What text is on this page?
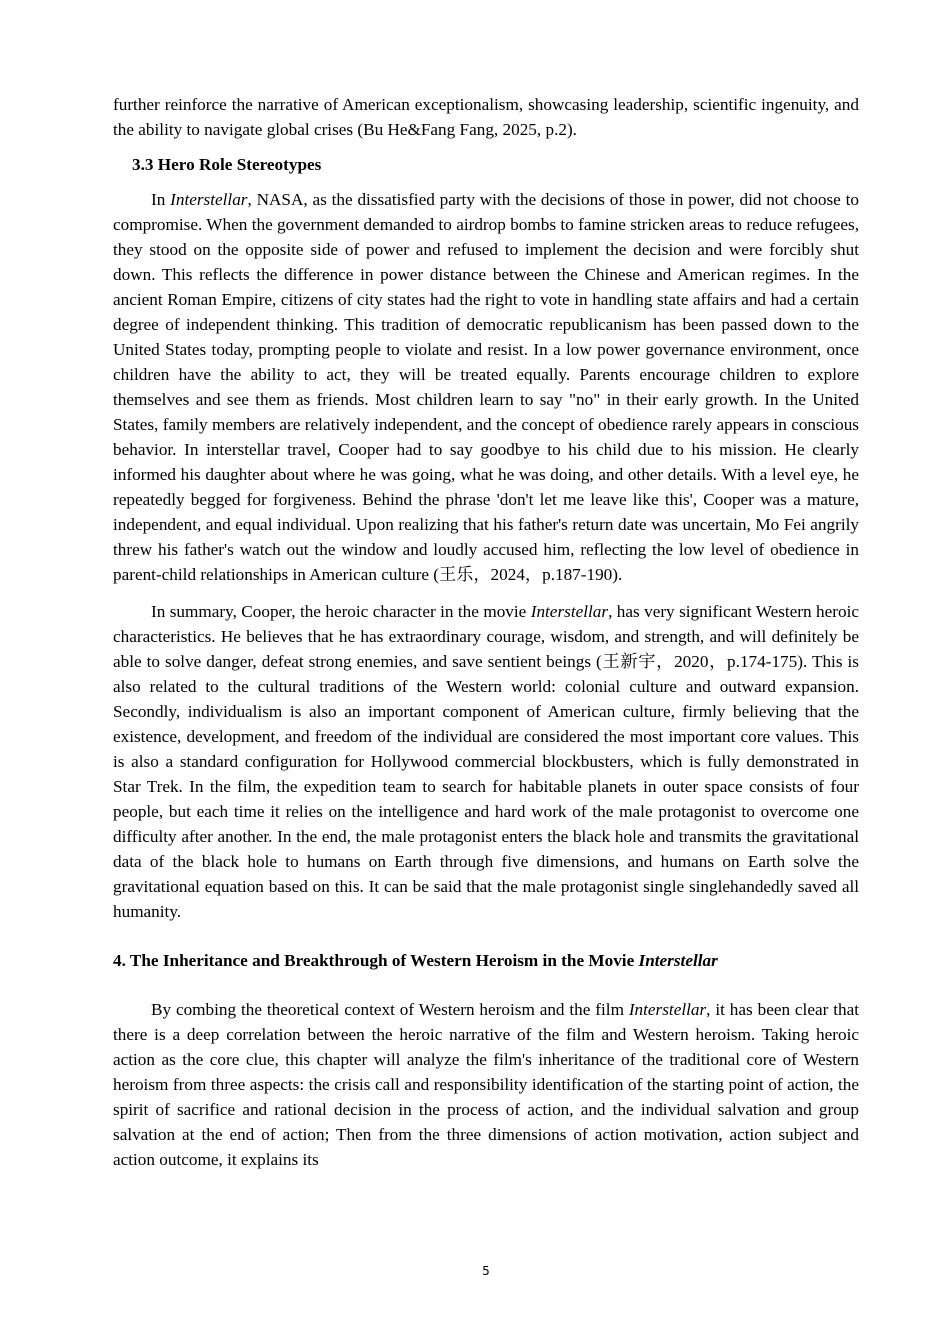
further reinforce the narrative of American exceptionalism, showcasing leadership, scientific ingenuity, and the ability to navigate global crises (Bu He&Fang Fang, 2025, p.2).

3.3 Hero Role Stereotypes

In Interstellar, NASA, as the dissatisfied party with the decisions of those in power, did not choose to compromise. When the government demanded to airdrop bombs to famine stricken areas to reduce refugees, they stood on the opposite side of power and refused to implement the decision and were forcibly shut down. This reflects the difference in power distance between the Chinese and American regimes. In the ancient Roman Empire, citizens of city states had the right to vote in handling state affairs and had a certain degree of independent thinking. This tradition of democratic republicanism has been passed down to the United States today, prompting people to violate and resist. In a low power governance environment, once children have the ability to act, they will be treated equally. Parents encourage children to explore themselves and see them as friends. Most children learn to say "no" in their early growth. In the United States, family members are relatively independent, and the concept of obedience rarely appears in conscious behavior. In interstellar travel, Cooper had to say goodbye to his child due to his mission. He clearly informed his daughter about where he was going, what he was doing, and other details. With a level eye, he repeatedly begged for forgiveness. Behind the phrase 'don't let me leave like this', Cooper was a mature, independent, and equal individual. Upon realizing that his father's return date was uncertain, Mo Fei angrily threw his father's watch out the window and loudly accused him, reflecting the low level of obedience in parent-child relationships in American culture (王乐，2024，p.187-190).

In summary, Cooper, the heroic character in the movie Interstellar, has very significant Western heroic characteristics. He believes that he has extraordinary courage, wisdom, and strength, and will definitely be able to solve danger, defeat strong enemies, and save sentient beings (王新宇，2020，p.174-175). This is also related to the cultural traditions of the Western world: colonial culture and outward expansion. Secondly, individualism is also an important component of American culture, firmly believing that the existence, development, and freedom of the individual are considered the most important core values. This is also a standard configuration for Hollywood commercial blockbusters, which is fully demonstrated in Star Trek. In the film, the expedition team to search for habitable planets in outer space consists of four people, but each time it relies on the intelligence and hard work of the male protagonist to overcome one difficulty after another. In the end, the male protagonist enters the black hole and transmits the gravitational data of the black hole to humans on Earth through five dimensions, and humans on Earth solve the gravitational equation based on this. It can be said that the male protagonist single singlehandedly saved all humanity.

4. The Inheritance and Breakthrough of Western Heroism in the Movie Interstellar

By combing the theoretical context of Western heroism and the film Interstellar, it has been clear that there is a deep correlation between the heroic narrative of the film and Western heroism. Taking heroic action as the core clue, this chapter will analyze the film's inheritance of the traditional core of Western heroism from three aspects: the crisis call and responsibility identification of the starting point of action, the spirit of sacrifice and rational decision in the process of action, and the individual salvation and group salvation at the end of action; Then from the three dimensions of action motivation, action subject and action outcome, it explains its

5
